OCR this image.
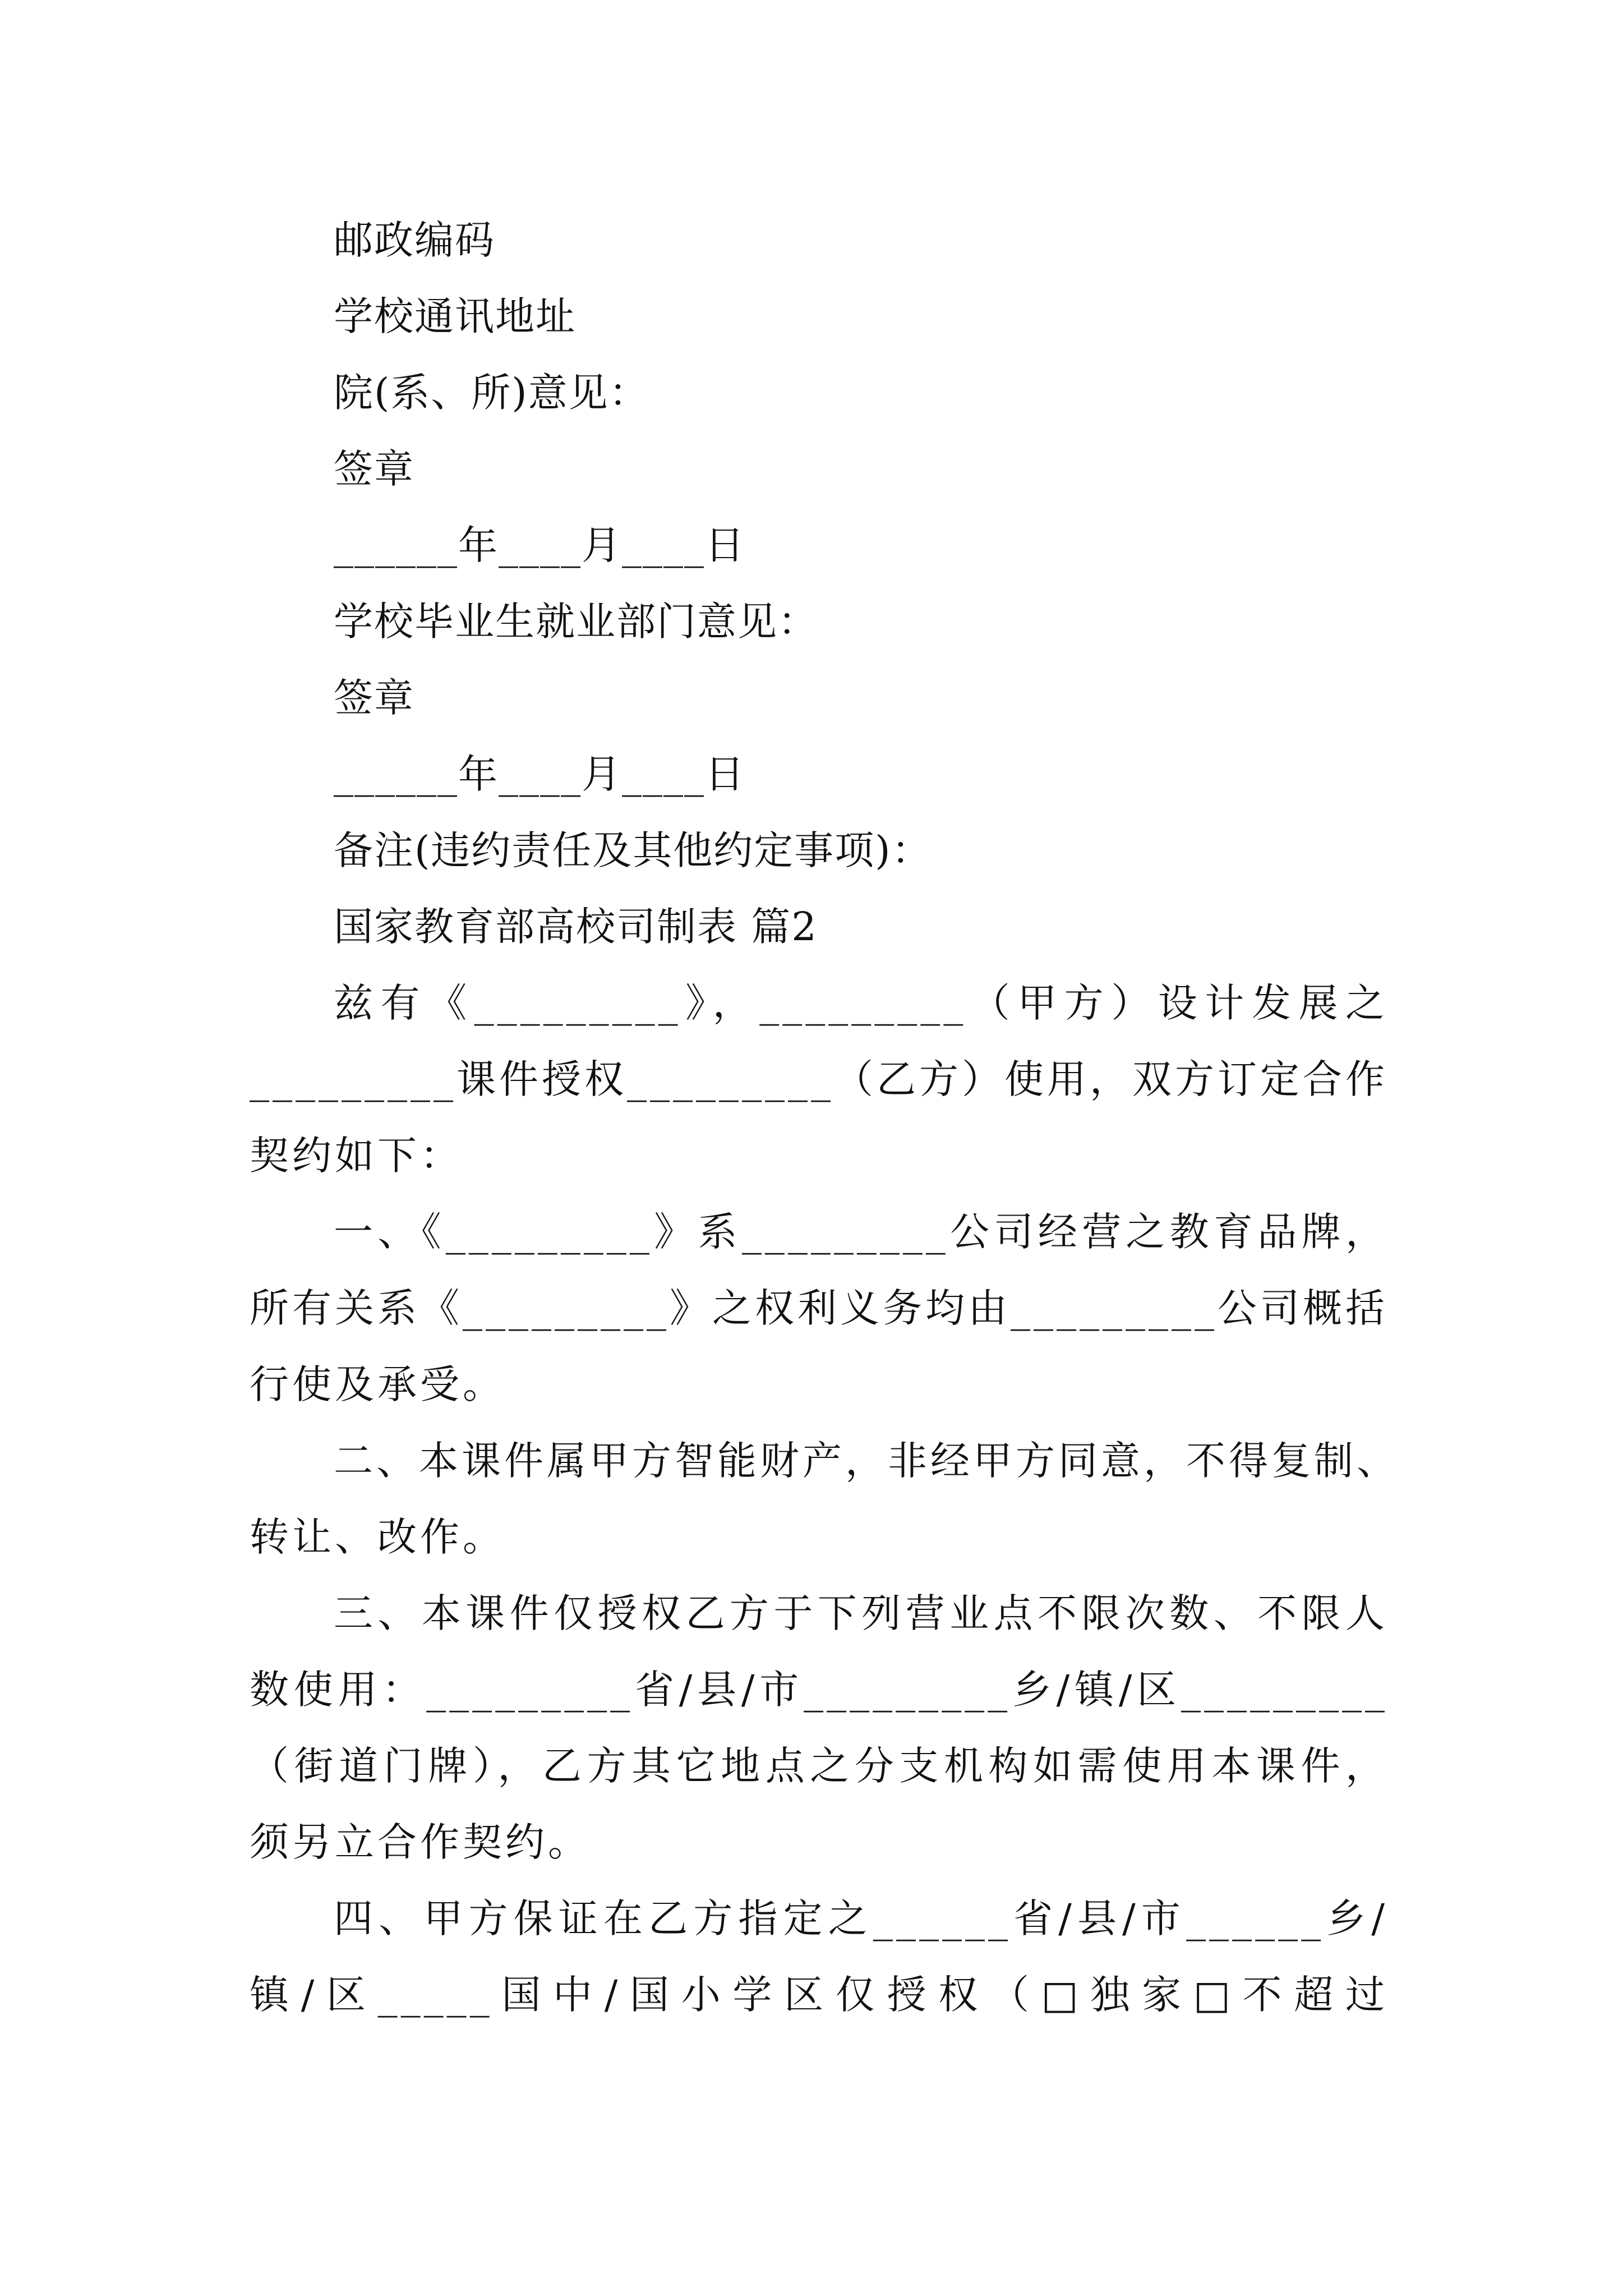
邮政编码
学校通讯地址
院(系、所)意见：
签章
______年____月____日
学校毕业生就业部门意见：
签章
______年____月____日
备注(违约责任及其他约定事项)：
国家教育部高校司制表 篇2
兹有《_________》，_________（甲方）设计发展之
_________课件授权_________（乙方）使用，双方订定合作
契约如下：
一、《_________》系_________公司经营之教育品牌，
所有关系《_________》之权利义务均由_________公司概括
行使及承受。
二、本课件属甲方智能财产，非经甲方同意，不得复制、
转让、改作。
三、本课件仅授权乙方于下列营业点不限次数、不限人
数使用：_________省/县/市_________乡/镇/区_________
（街道门牌），乙方其它地点之分支机构如需使用本课件，
须另立合作契约。
四、甲方保证在乙方指定之______省/县/市______乡/
镇/区_____国中/国小学区仅授权（□独家□不超过
